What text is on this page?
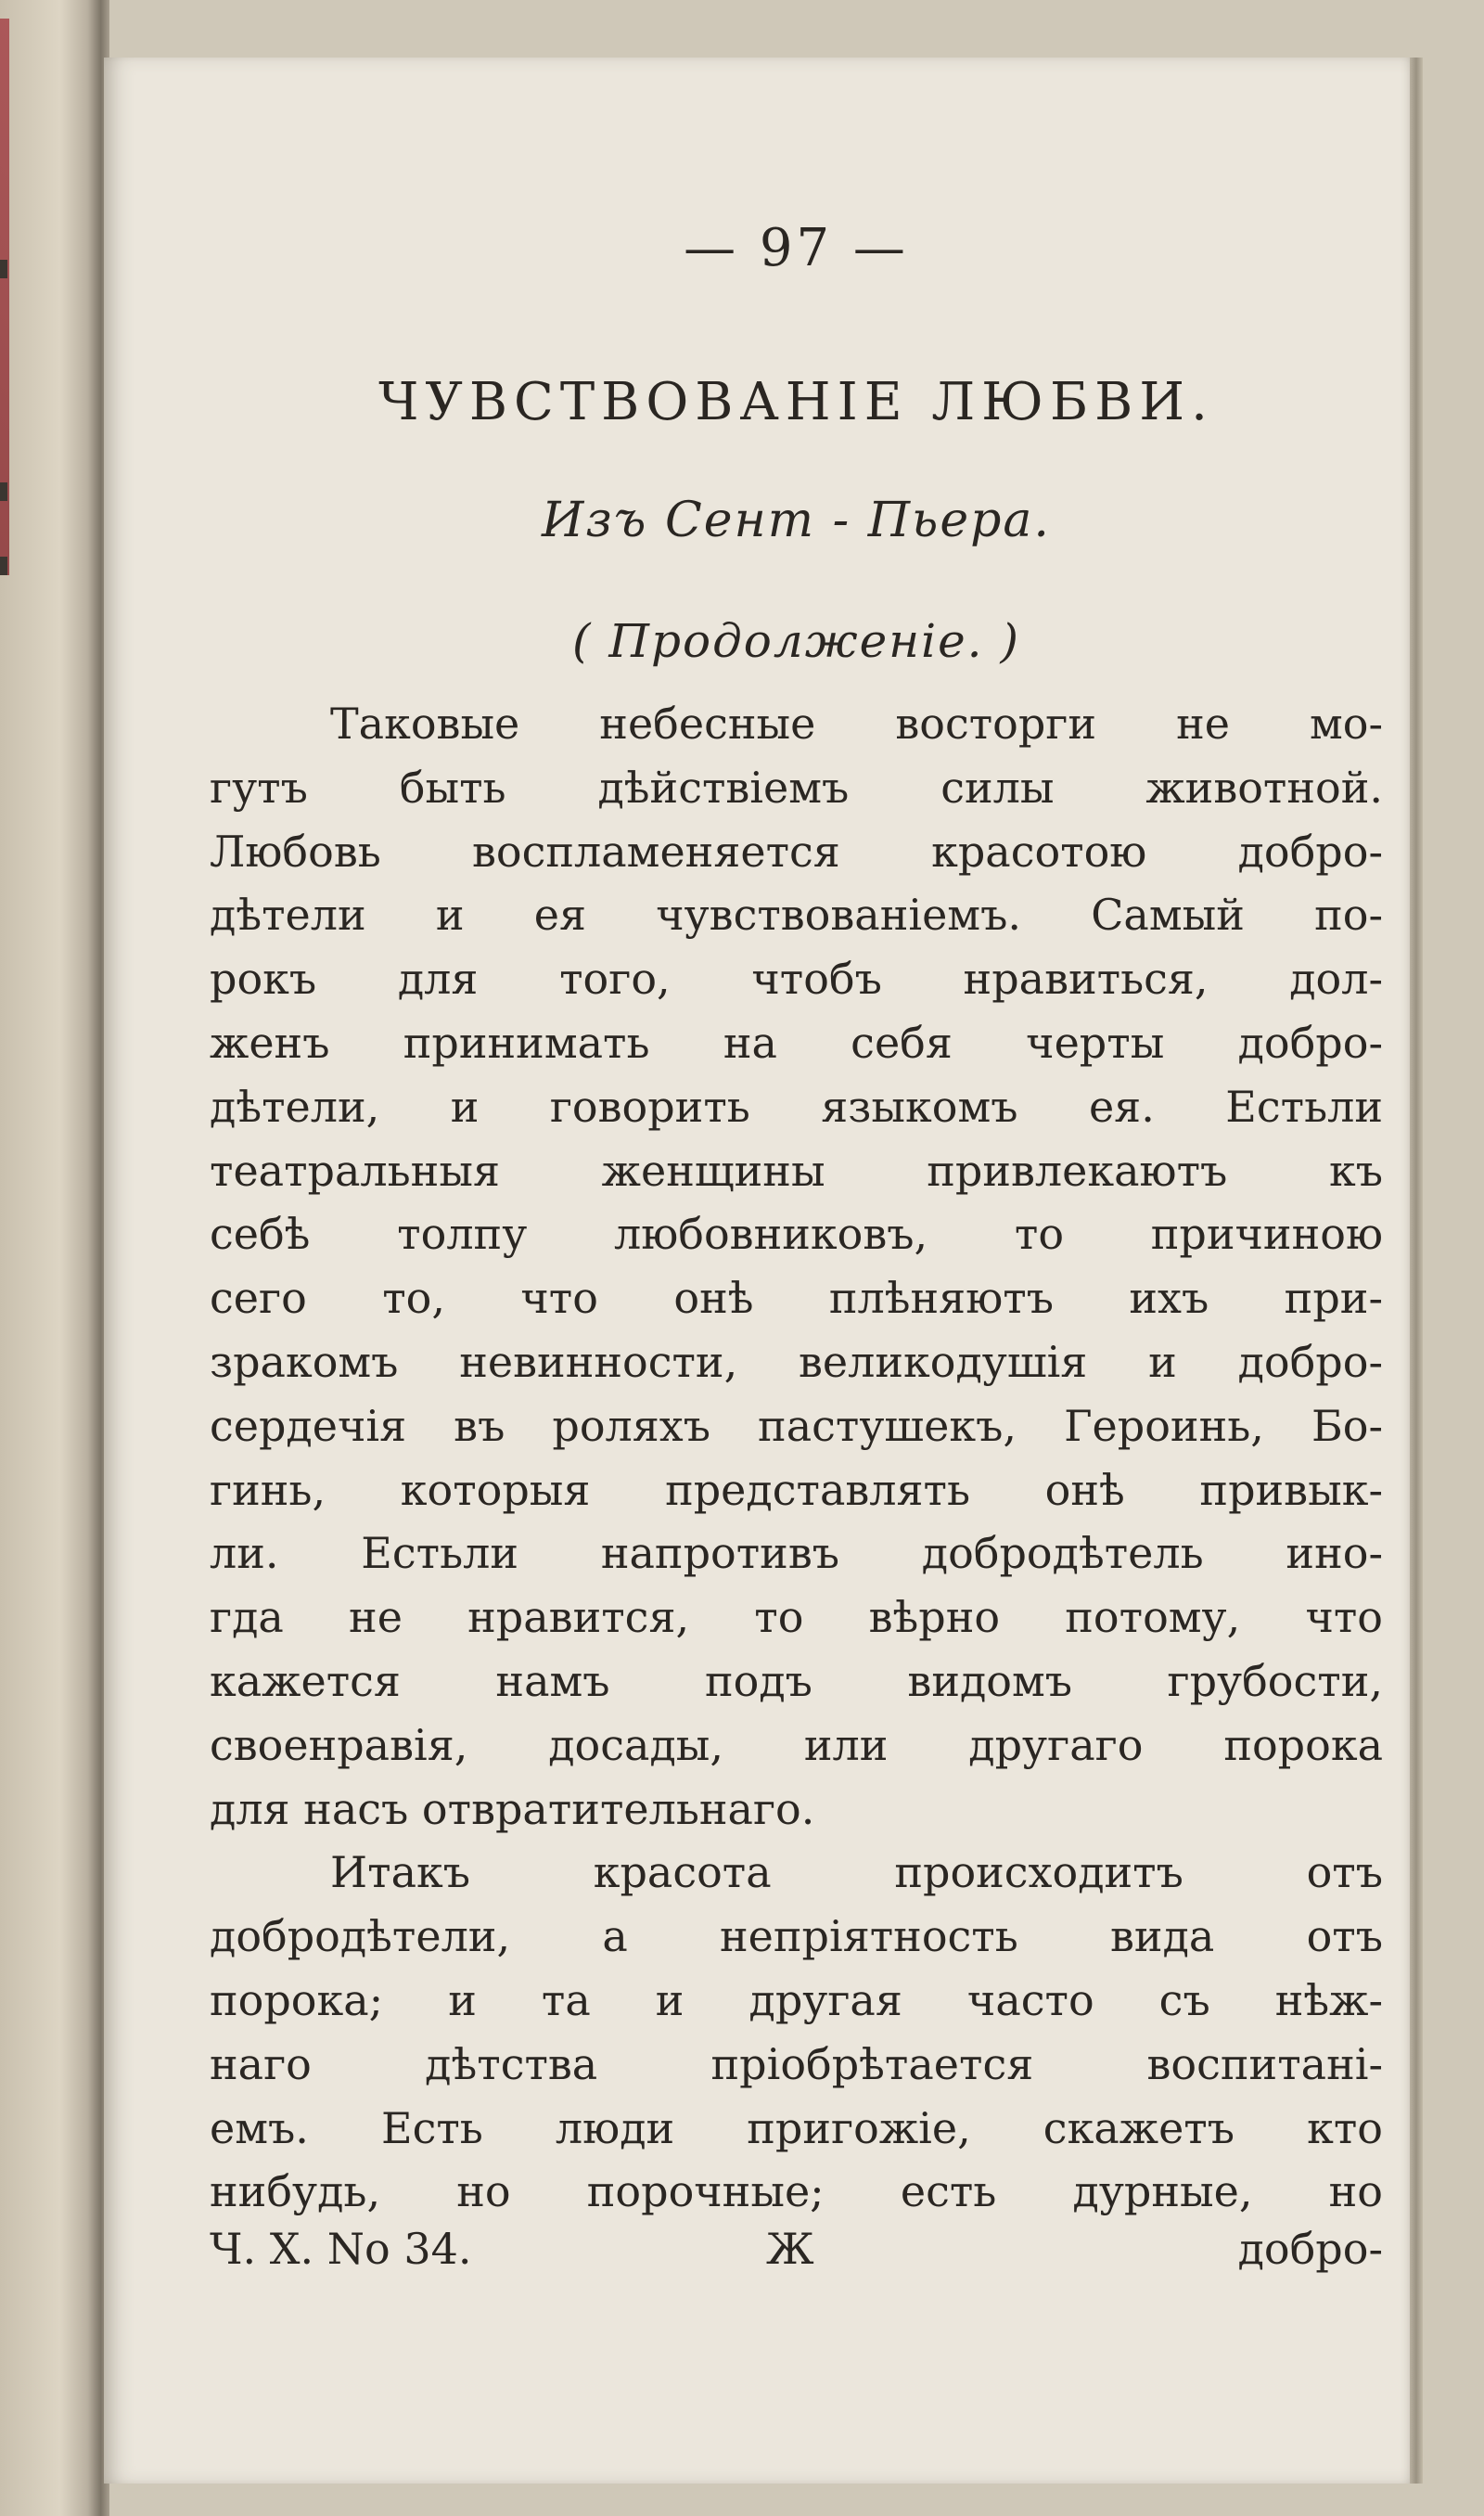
— 97 —
ЧУВСТВОВАНІЕ ЛЮБВИ.
Изъ Сент - Пьера.
( Продолженіе. )
Таковые небесные восторги не мо-
гутъ быть дѣйствіемъ силы животной.
Любовь воспламеняется красотою добро-
дѣтели и ея чувствованіемъ. Самый по-
рокъ для того, чтобъ нравиться, дол-
женъ принимать на себя черты добро-
дѣтели, и говорить языкомъ ея. Естьли
театральныя женщины привлекаютъ къ
себѣ толпу любовниковъ, то причиною
сего то, что онѣ плѣняютъ ихъ при-
зракомъ невинности, великодушія и добро-
сердечія въ роляхъ пастушекъ, Героинь, Бо-
гинь, которыя представлять онѣ привык-
ли. Естьли напротивъ добродѣтель ино-
гда не нравится, то вѣрно потому, что
кажется намъ подъ видомъ грубости,
своенравія, досады, или другаго порока
для насъ отвратительнаго.
Итакъ красота происходитъ отъ
добродѣтели, а непріятность вида отъ
порока; и та и другая часто съ нѣж-
наго дѣтства пріобрѣтается воспитані-
емъ. Есть люди пригожіе, скажетъ кто
нибудь, но порочные; есть дурные, но
Ч. X. No 34.	Ж	добро-
